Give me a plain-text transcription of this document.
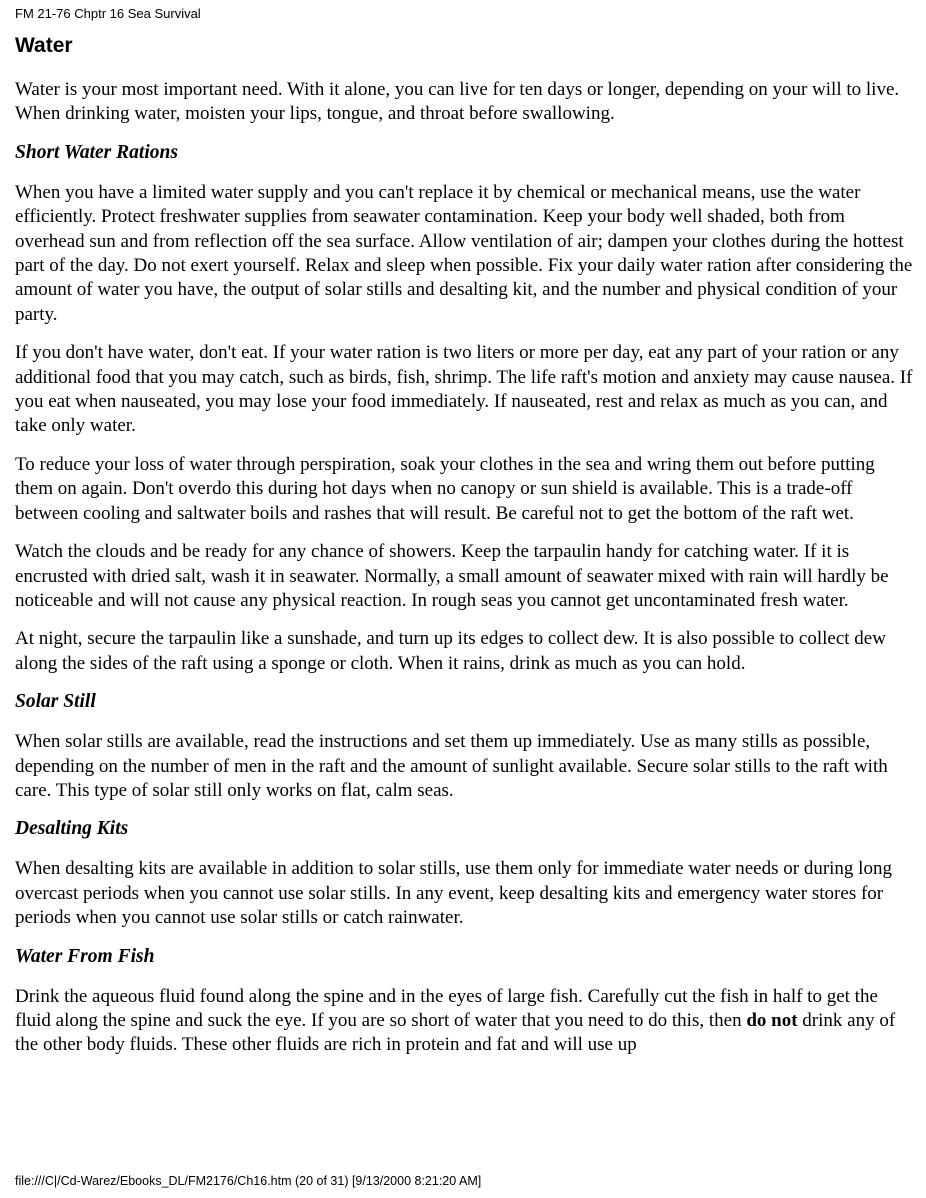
FM 21-76 Chptr 16 Sea Survival
Water

Water is your most important need. With it alone, you can live for ten days or longer, depending on your will to live. When drinking water, moisten your lips, tongue, and throat before swallowing.

Short Water Rations

When you have a limited water supply and you can't replace it by chemical or mechanical means, use the water efficiently. Protect freshwater supplies from seawater contamination. Keep your body well shaded, both from overhead sun and from reflection off the sea surface. Allow ventilation of air; dampen your clothes during the hottest part of the day. Do not exert yourself. Relax and sleep when possible. Fix your daily water ration after considering the amount of water you have, the output of solar stills and desalting kit, and the number and physical condition of your party.

If you don't have water, don't eat. If your water ration is two liters or more per day, eat any part of your ration or any additional food that you may catch, such as birds, fish, shrimp. The life raft's motion and anxiety may cause nausea. If you eat when nauseated, you may lose your food immediately. If nauseated, rest and relax as much as you can, and take only water.

To reduce your loss of water through perspiration, soak your clothes in the sea and wring them out before putting them on again. Don't overdo this during hot days when no canopy or sun shield is available. This is a trade-off between cooling and saltwater boils and rashes that will result. Be careful not to get the bottom of the raft wet.

Watch the clouds and be ready for any chance of showers. Keep the tarpaulin handy for catching water. If it is encrusted with dried salt, wash it in seawater. Normally, a small amount of seawater mixed with rain will hardly be noticeable and will not cause any physical reaction. In rough seas you cannot get uncontaminated fresh water.

At night, secure the tarpaulin like a sunshade, and turn up its edges to collect dew. It is also possible to collect dew along the sides of the raft using a sponge or cloth. When it rains, drink as much as you can hold.

Solar Still

When solar stills are available, read the instructions and set them up immediately. Use as many stills as possible, depending on the number of men in the raft and the amount of sunlight available. Secure solar stills to the raft with care. This type of solar still only works on flat, calm seas.

Desalting Kits

When desalting kits are available in addition to solar stills, use them only for immediate water needs or during long overcast periods when you cannot use solar stills. In any event, keep desalting kits and emergency water stores for periods when you cannot use solar stills or catch rainwater.

Water From Fish

Drink the aqueous fluid found along the spine and in the eyes of large fish. Carefully cut the fish in half to get the fluid along the spine and suck the eye. If you are so short of water that you need to do this, then do not drink any of the other body fluids. These other fluids are rich in protein and fat and will use up

file:///C|/Cd-Warez/Ebooks_DL/FM2176/Ch16.htm (20 of 31) [9/13/2000 8:21:20 AM]
